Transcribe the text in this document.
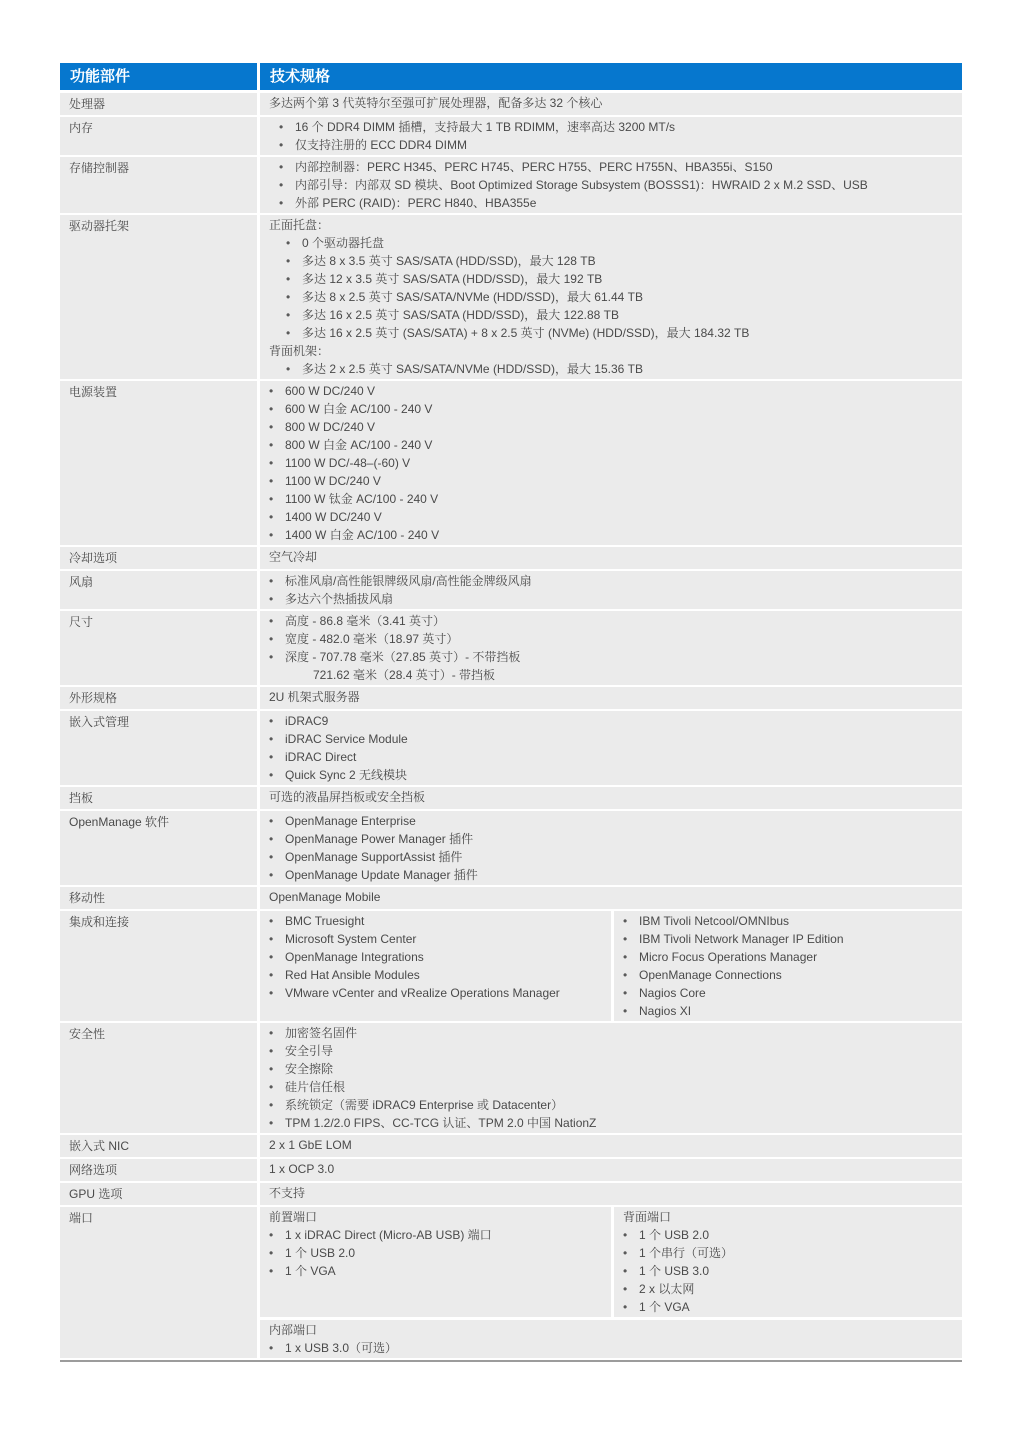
功能部件	技术规格
处理器	多达两个第 3 代英特尔至强可扩展处理器，配备多达 32 个核心
内存	• 16 个 DDR4 DIMM 插槽，支持最大 1 TB RDIMM，速率高达 3200 MT/s
• 仅支持注册的 ECC DDR4 DIMM
存储控制器	• 内部控制器：PERC H345、PERC H745、PERC H755、PERC H755N、HBA355i、S150
• 内部引导：内部双 SD 模块、Boot Optimized Storage Subsystem (BOSSS1)：HWRAID 2 x M.2 SSD、USB
• 外部 PERC (RAID)：PERC H840、HBA355e
驱动器托架	正面托盘：
• 0 个驱动器托盘
• 多达 8 x 3.5 英寸 SAS/SATA (HDD/SSD)，最大 128 TB
• 多达 12 x 3.5 英寸 SAS/SATA (HDD/SSD)，最大 192 TB
• 多达 8 x 2.5 英寸 SAS/SATA/NVMe (HDD/SSD)，最大 61.44 TB
• 多达 16 x 2.5 英寸 SAS/SATA (HDD/SSD)，最大 122.88 TB
• 多达 16 x 2.5 英寸 (SAS/SATA) + 8 x 2.5 英寸 (NVMe) (HDD/SSD)，最大 184.32 TB
背面机架：
• 多达 2 x 2.5 英寸 SAS/SATA/NVMe (HDD/SSD)，最大 15.36 TB
电源装置	• 600 W DC/240 V
• 600 W 白金 AC/100 - 240 V
• 800 W DC/240 V
• 800 W 白金 AC/100 - 240 V
• 1100 W DC/-48–(-60) V
• 1100 W DC/240 V
• 1100 W 钛金 AC/100 - 240 V
• 1400 W DC/240 V
• 1400 W 白金 AC/100 - 240 V
冷却选项	空气冷却
风扇	• 标准风扇/高性能银牌级风扇/高性能金牌级风扇
• 多达六个热插拔风扇
尺寸	• 高度 - 86.8 毫米（3.41 英寸）
• 宽度 - 482.0 毫米（18.97 英寸）
• 深度 - 707.78 毫米（27.85 英寸）- 不带挡板
721.62 毫米（28.4 英寸）- 带挡板
外形规格	2U 机架式服务器
嵌入式管理	• iDRAC9
• iDRAC Service Module
• iDRAC Direct
• Quick Sync 2 无线模块
挡板	可选的液晶屏挡板或安全挡板
OpenManage 软件	• OpenManage Enterprise
• OpenManage Power Manager 插件
• OpenManage SupportAssist 插件
• OpenManage Update Manager 插件
移动性	OpenManage Mobile
集成和连接	• BMC Truesight
• Microsoft System Center
• OpenManage Integrations
• Red Hat Ansible Modules
• VMware vCenter and vRealize Operations Manager
• IBM Tivoli Netcool/OMNIbus
• IBM Tivoli Network Manager IP Edition
• Micro Focus Operations Manager
• OpenManage Connections
• Nagios Core
• Nagios XI
安全性	• 加密签名固件
• 安全引导
• 安全擦除
• 硅片信任根
• 系统锁定（需要 iDRAC9 Enterprise 或 Datacenter）
• TPM 1.2/2.0 FIPS、CC-TCG 认证、TPM 2.0 中国 NationZ
嵌入式 NIC	2 x 1 GbE LOM
网络选项	1 x OCP 3.0
GPU 选项	不支持
端口	前置端口
• 1 x iDRAC Direct (Micro-AB USB) 端口
• 1 个 USB 2.0
• 1 个 VGA
背面端口
• 1 个 USB 2.0
• 1 个串行（可选）
• 1 个 USB 3.0
• 2 x 以太网
• 1 个 VGA
内部端口
• 1 x USB 3.0（可选）
